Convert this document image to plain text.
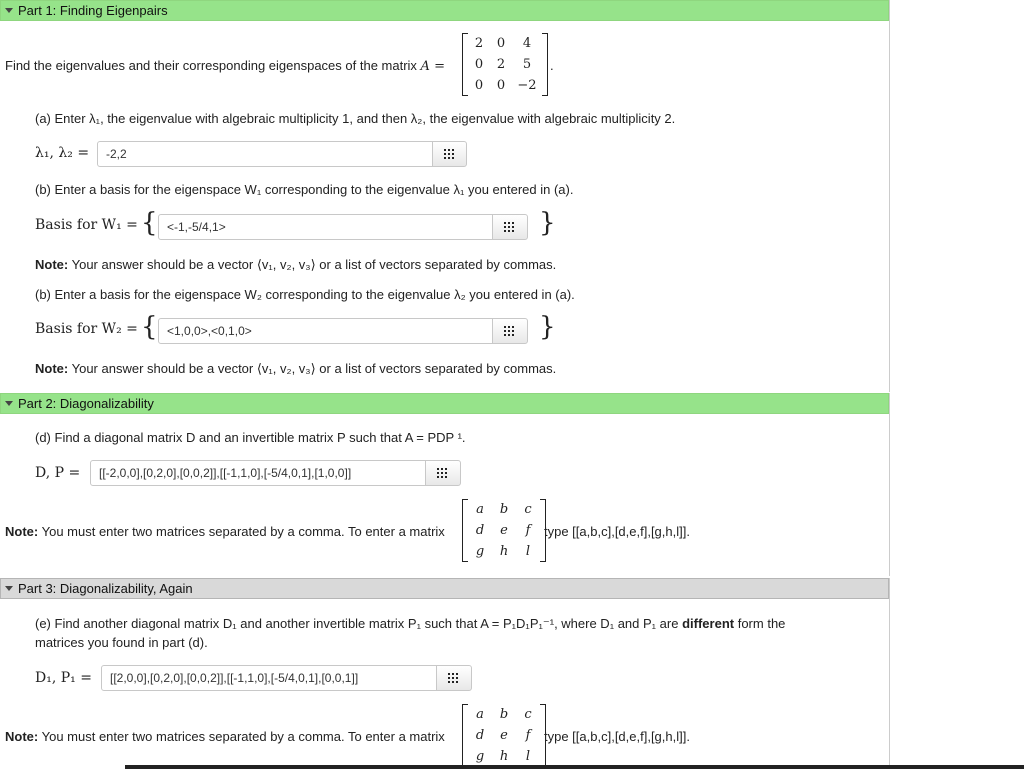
Part 1: Finding Eigenpairs
Find the eigenvalues and their corresponding eigenspaces of the matrix A =
2	0	4
0	2	5
0	0 −2
.
(a) Enter λ₁, the eigenvalue with algebraic multiplicity 1, and then λ₂, the eigenvalue with algebraic multiplicity 2.
λ₁, λ₂ =	-2,2
(b) Enter a basis for the eigenspace W₁ corresponding to the eigenvalue λ₁ you entered in (a).
Basis for W₁ = { <-1,-5/4,1>	}
Note: Your answer should be a vector ⟨v₁, v₂, v₃⟩ or a list of vectors separated by commas.
(b) Enter a basis for the eigenspace W₂ corresponding to the eigenvalue λ₂ you entered in (a).
Basis for W₂ = { <1,0,0>,<0,1,0>	}
Note: Your answer should be a vector ⟨v₁, v₂, v₃⟩ or a list of vectors separated by commas.
Part 2: Diagonalizability
(d) Find a diagonal matrix D and an invertible matrix P such that A = PDP ¹.
D, P =	[[-2,0,0],[0,2,0],[0,0,2]],[[-1,1,0],[-5/4,0,1],[1,0,0]]
Note: You must enter two matrices separated by a comma. To enter a matrix
a	b	c
d	e	f
g	h	l
type [[a,b,c],[d,e,f],[g,h,l]].
Part 3: Diagonalizability, Again
(e) Find another diagonal matrix D₁ and another invertible matrix P₁ such that A = P₁D₁P₁⁻¹, where D₁ and P₁ are different form the
matrices you found in part (d).
D₁, P₁ =	[[2,0,0],[0,2,0],[0,0,2]],[[-1,1,0],[-5/4,0,1],[0,0,1]]
Note: You must enter two matrices separated by a comma. To enter a matrix
a	b	c
d	e	f
g	h	l
type [[a,b,c],[d,e,f],[g,h,l]].
